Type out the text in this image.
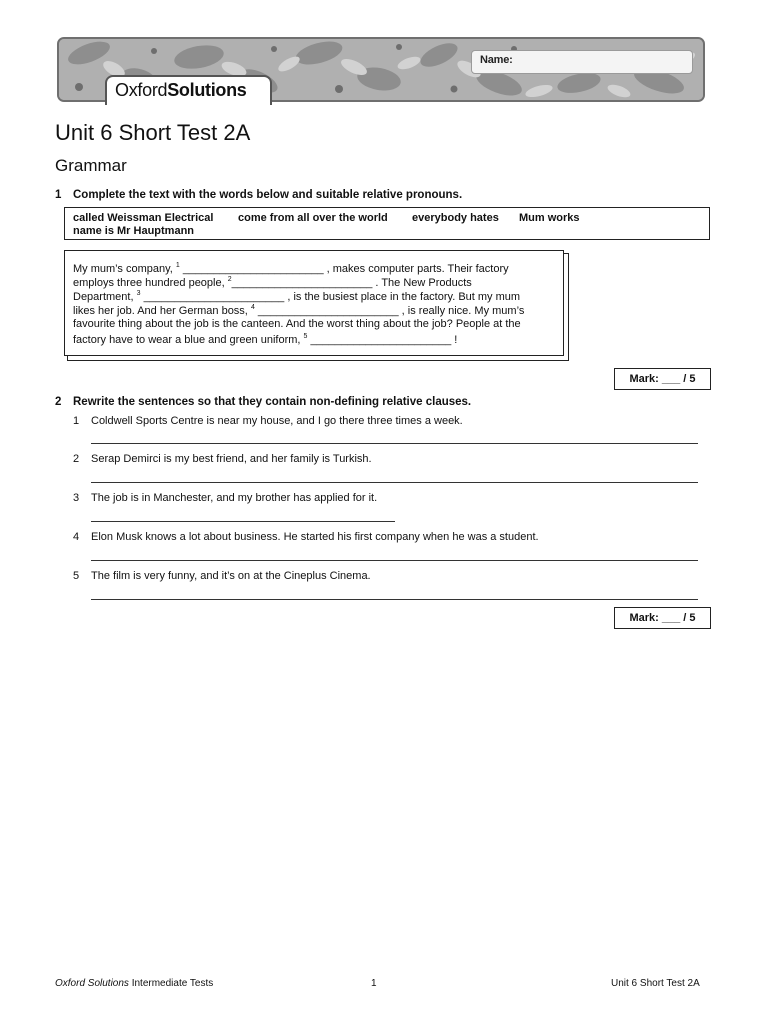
Name:
OxfordSolutions
Unit 6 Short Test 2A
Grammar
1 Complete the text with the words below and suitable relative pronouns.
called Weissman Electrical come from all over the world everybody hates Mum works
name is Mr Hauptmann
My mum’s company, $^1$ _______________________ , makes computer parts. Their factory
employs three hundred people, $^2$_______________________ . The New Products
Department, $^3$ _______________________ , is the busiest place in the factory. But my mum
likes her job. And her German boss, $^4$ _______________________ , is really nice. My mum’s
favourite thing about the job is the canteen. And the worst thing about the job? People at the
factory have to wear a blue and green uniform, $^5$ _______________________ !
Mark: ___ / 5
2 Rewrite the sentences so that they contain non-defining relative clauses.
1 Coldwell Sports Centre is near my house, and I go there three times a week.
2 Serap Demirci is my best friend, and her family is Turkish.
3 The job is in Manchester, and my brother has applied for it.
4 Elon Musk knows a lot about business. He started his first company when he was a student.
5 The film is very funny, and it’s on at the Cineplus Cinema.
Mark: ___ / 5
Oxford Solutions Intermediate Tests	1	Unit 6 Short Test 2A
